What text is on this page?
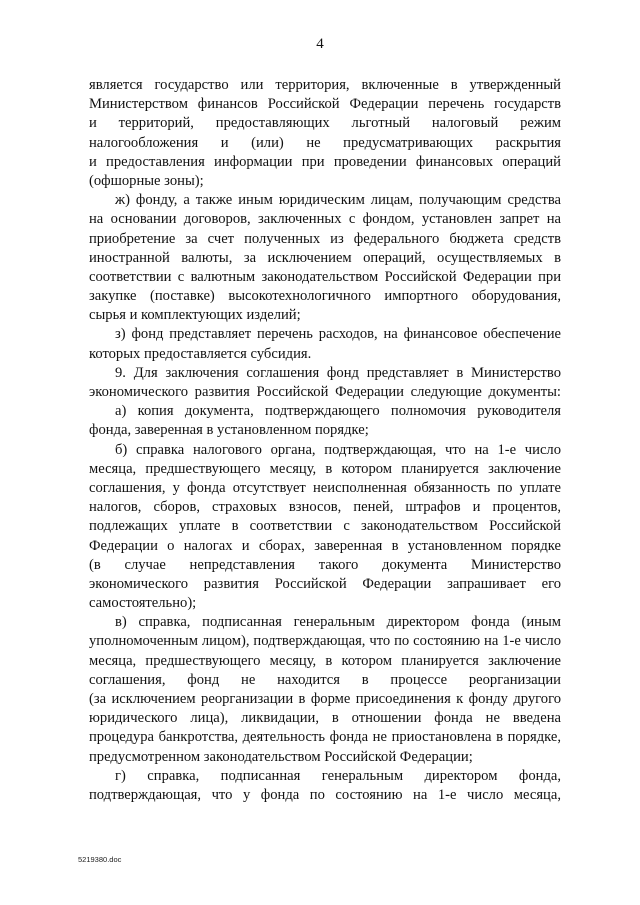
4
является государство или территория, включенные в утвержденный
Министерством финансов Российской Федерации перечень государств
и территорий, предоставляющих льготный налоговый режим
налогообложения и (или) не предусматривающих раскрытия
и предоставления информации при проведении финансовых операций
(офшорные зоны);
ж) фонду, а также иным юридическим лицам, получающим средства
на основании договоров, заключенных с фондом, установлен запрет на
приобретение за счет полученных из федерального бюджета средств
иностранной валюты, за исключением операций, осуществляемых в
соответствии с валютным законодательством Российской Федерации при
закупке (поставке) высокотехнологичного импортного оборудования,
сырья и комплектующих изделий;
з) фонд представляет перечень расходов, на финансовое обеспечение
которых предоставляется субсидия.
9. Для заключения соглашения фонд представляет в Министерство
экономического развития Российской Федерации следующие документы:
а) копия документа, подтверждающего полномочия руководителя
фонда, заверенная в установленном порядке;
б) справка налогового органа, подтверждающая, что на 1-е число
месяца, предшествующего месяцу, в котором планируется заключение
соглашения, у фонда отсутствует неисполненная обязанность по уплате
налогов, сборов, страховых взносов, пеней, штрафов и процентов,
подлежащих уплате в соответствии с законодательством Российской
Федерации о налогах и сборах, заверенная в установленном порядке
(в случае непредставления такого документа Министерство
экономического развития Российской Федерации запрашивает его
самостоятельно);
в) справка, подписанная генеральным директором фонда (иным
уполномоченным лицом), подтверждающая, что по состоянию на 1-е число
месяца, предшествующего месяцу, в котором планируется заключение
соглашения, фонд не находится в процессе реорганизации
(за исключением реорганизации в форме присоединения к фонду другого
юридического лица), ликвидации, в отношении фонда не введена
процедура банкротства, деятельность фонда не приостановлена в порядке,
предусмотренном законодательством Российской Федерации;
г) справка, подписанная генеральным директором фонда,
подтверждающая, что у фонда по состоянию на 1-е число месяца,
5219380.doc
